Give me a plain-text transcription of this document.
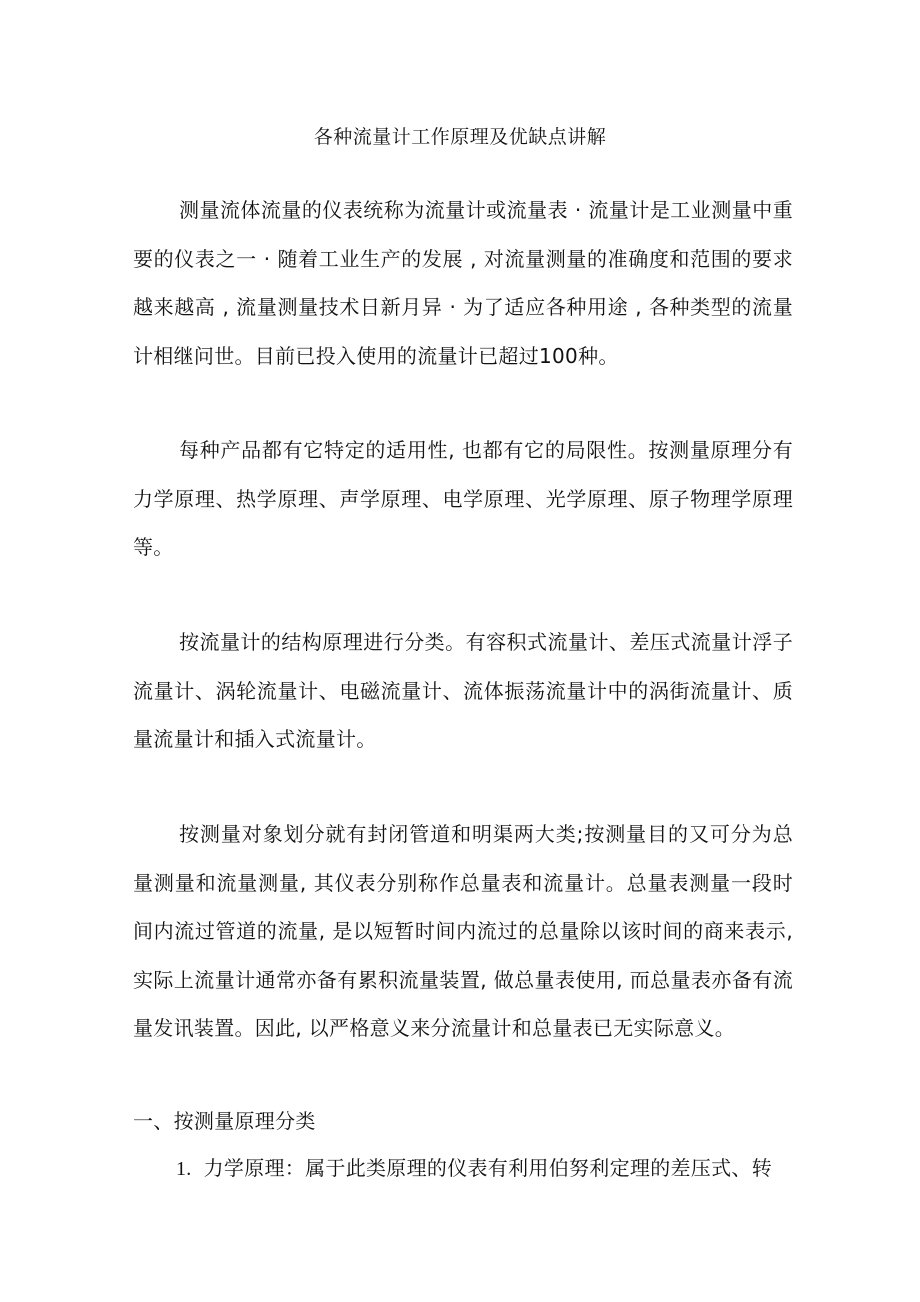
各种流量计工作原理及优缺点讲解

测量流体流量的仪表统称为流量计或流量表 · 流量计是工业测量中重要的仪表之一 · 随着工业生产的发展 , 对流量测量的准确度和范围的要求越来越高 , 流量测量技术日新月异 · 为了适应各种用途 , 各种类型的流量计相继问世。目前已投入使用的流量计已超过100种。

每种产品都有它特定的适用性, 也都有它的局限性。按测量原理分有力学原理、热学原理、声学原理、电学原理、光学原理、原子物理学原理等。

按流量计的结构原理进行分类。有容积式流量计、差压式流量计浮子流量计、涡轮流量计、电磁流量计、流体振荡流量计中的涡街流量计、质量流量计和插入式流量计。

按测量对象划分就有封闭管道和明渠两大类;按测量目的又可分为总量测量和流量测量, 其仪表分别称作总量表和流量计。总量表测量一段时间内流过管道的流量, 是以短暂时间内流过的总量除以该时间的商来表示, 实际上流量计通常亦备有累积流量装置, 做总量表使用, 而总量表亦备有流量发讯装置。因此, 以严格意义来分流量计和总量表已无实际意义。

一、按测量原理分类
1. 力学原理：属于此类原理的仪表有利用伯努利定理的差压式、转
